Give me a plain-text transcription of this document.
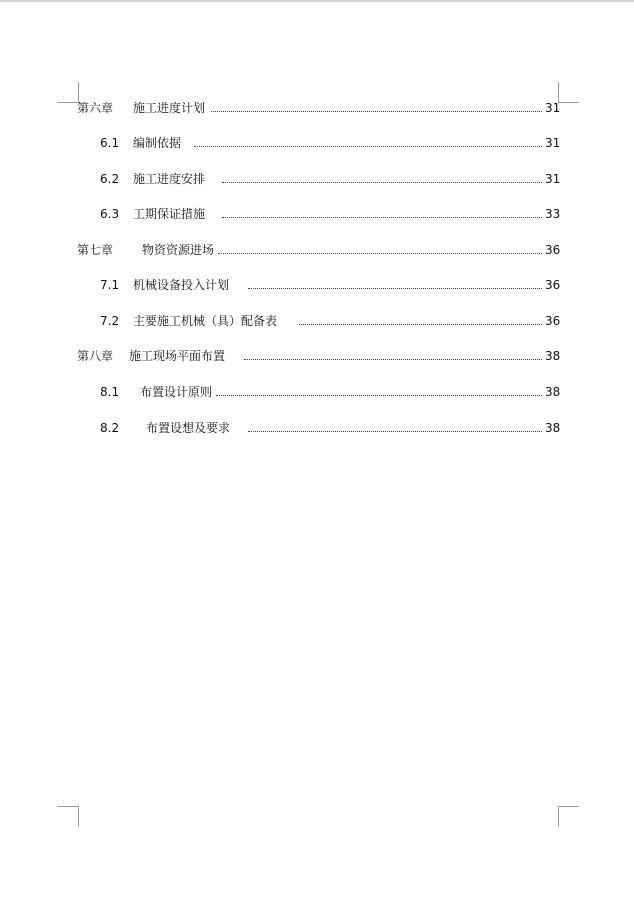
第六章 施工进度计划	31
6.1 编制依据	31
6.2 施工进度安排	31
6.3 工期保证措施	33
第七章 物资资源进场	36
7.1 机械设备投入计划	36
7.2 主要施工机械（具）配备表	36
第八章 施工现场平面布置	38
8.1 布置设计原则	38
8.2 布置设想及要求	38
